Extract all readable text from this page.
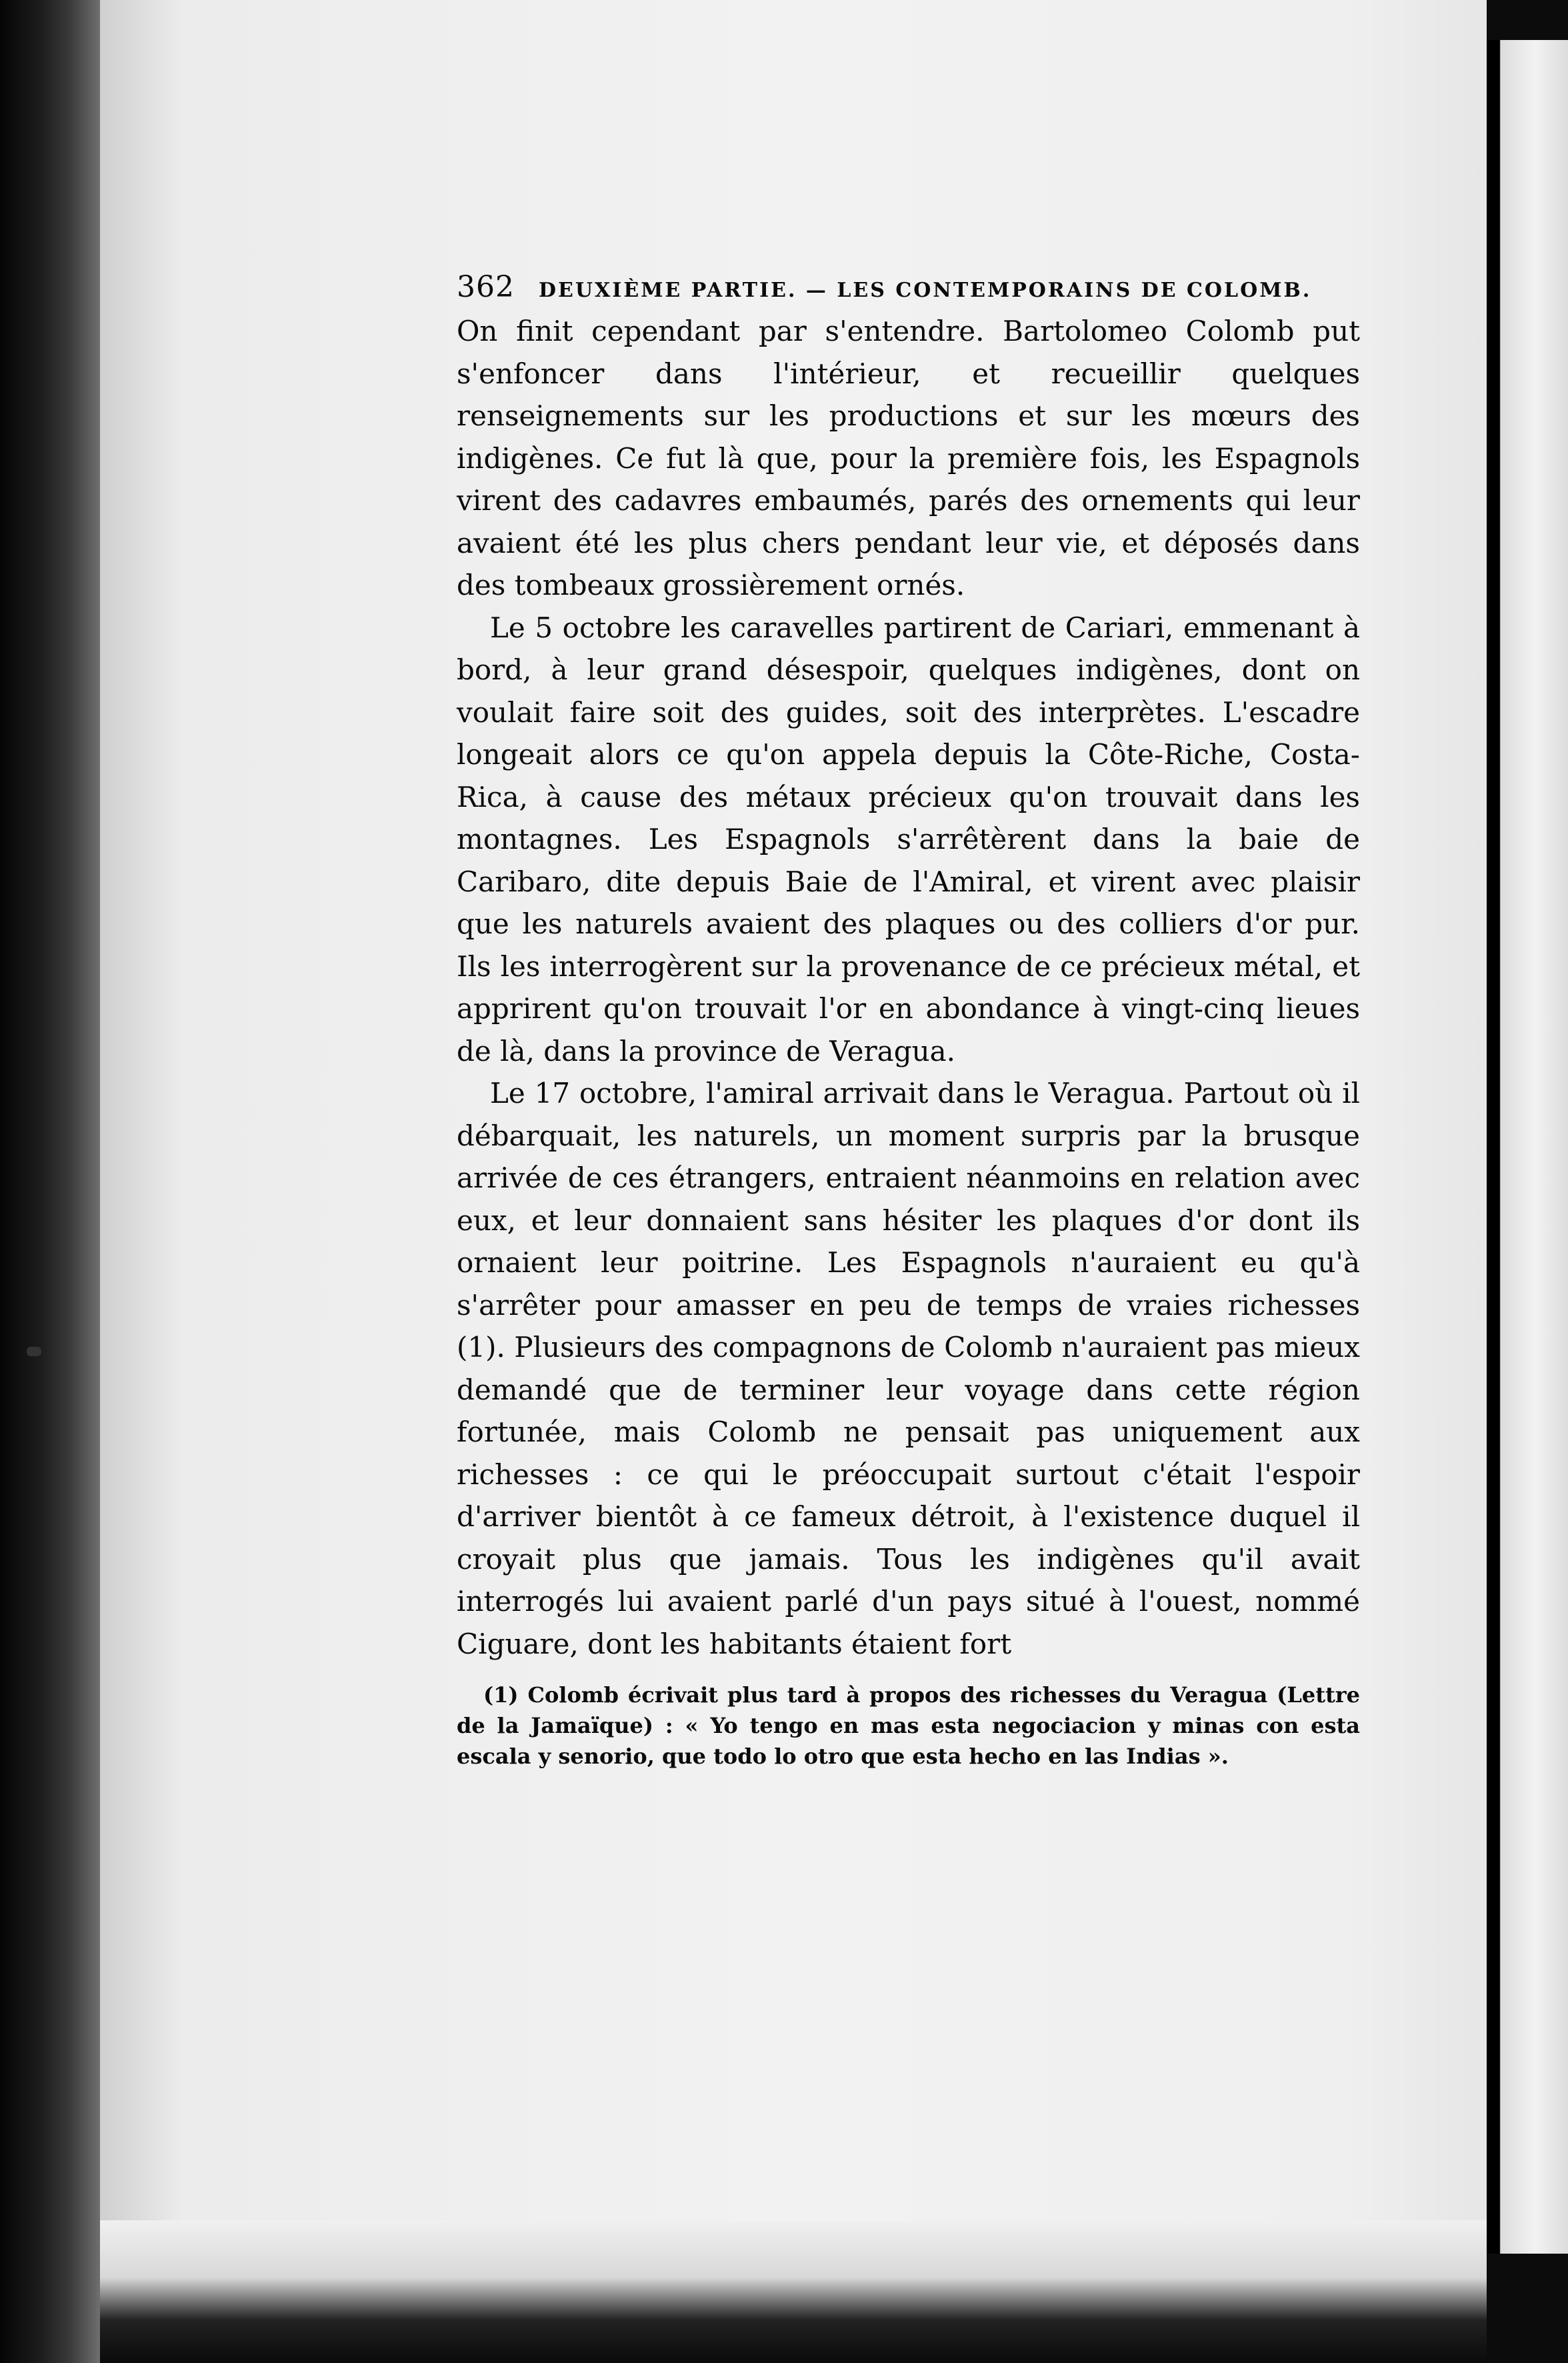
362 DEUXIÈME PARTIE. — LES CONTEMPORAINS DE COLOMB.

On finit cependant par s'entendre. Bartolomeo Colomb put s'enfoncer dans l'intérieur, et recueillir quelques renseignements sur les productions et sur les mœurs des indigènes. Ce fut là que, pour la première fois, les Espagnols virent des cadavres embaumés, parés des ornements qui leur avaient été les plus chers pendant leur vie, et déposés dans des tombeaux grossièrement ornés.

Le 5 octobre les caravelles partirent de Cariari, emmenant à bord, à leur grand désespoir, quelques indigènes, dont on voulait faire soit des guides, soit des interprètes. L'escadre longeait alors ce qu'on appela depuis la Côte-Riche, Costa-Rica, à cause des métaux précieux qu'on trouvait dans les montagnes. Les Espagnols s'arrêtèrent dans la baie de Caribaro, dite depuis Baie de l'Amiral, et virent avec plaisir que les naturels avaient des plaques ou des colliers d'or pur. Ils les interrogèrent sur la provenance de ce précieux métal, et apprirent qu'on trouvait l'or en abondance à vingt-cinq lieues de là, dans la province de Veragua.

Le 17 octobre, l'amiral arrivait dans le Veragua. Partout où il débarquait, les naturels, un moment surpris par la brusque arrivée de ces étrangers, entraient néanmoins en relation avec eux, et leur donnaient sans hésiter les plaques d'or dont ils ornaient leur poitrine. Les Espagnols n'auraient eu qu'à s'arrêter pour amasser en peu de temps de vraies richesses (1). Plusieurs des compagnons de Colomb n'auraient pas mieux demandé que de terminer leur voyage dans cette région fortunée, mais Colomb ne pensait pas uniquement aux richesses : ce qui le préoccupait surtout c'était l'espoir d'arriver bientôt à ce fameux détroit, à l'existence duquel il croyait plus que jamais. Tous les indigènes qu'il avait interrogés lui avaient parlé d'un pays situé à l'ouest, nommé Ciguare, dont les habitants étaient fort

(1) Colomb écrivait plus tard à propos des richesses du Veragua (Lettre de la Jamaïque) : « Yo tengo en mas esta negociacion y minas con esta escala y senorio, que todo lo otro que esta hecho en las Indias ».
